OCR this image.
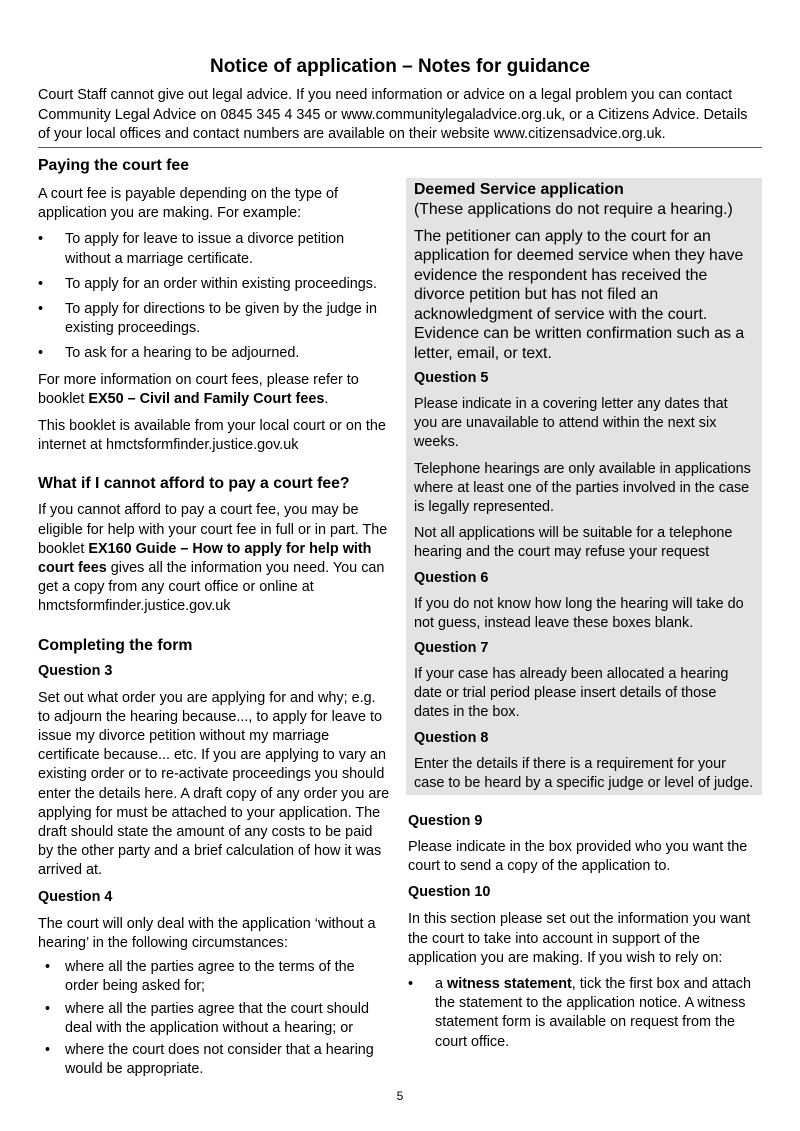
Notice of application – Notes for guidance

Court Staff cannot give out legal advice. If you need information or advice on a legal problem you can contact Community Legal Advice on 0845 345 4 345 or www.communitylegaladvice.org.uk, or a Citizens Advice. Details of your local offices and contact numbers are available on their website www.citizensadvice.org.uk.

Paying the court fee

A court fee is payable depending on the type of application you are making. For example:

• To apply for leave to issue a divorce petition without a marriage certificate.
• To apply for an order within existing proceedings.
• To apply for directions to be given by the judge in existing proceedings.
• To ask for a hearing to be adjourned.

For more information on court fees, please refer to booklet EX50 – Civil and Family Court fees.

This booklet is available from your local court or on the internet at hmctsformfinder.justice.gov.uk

What if I cannot afford to pay a court fee?

If you cannot afford to pay a court fee, you may be eligible for help with your court fee in full or in part. The booklet EX160 Guide – How to apply for help with court fees gives all the information you need. You can get a copy from any court office or online at hmctsformfinder.justice.gov.uk

Completing the form
Question 3

Set out what order you are applying for and why; e.g. to adjourn the hearing because..., to apply for leave to issue my divorce petition without my marriage certificate because... etc. If you are applying to vary an existing order or to re-activate proceedings you should enter the details here. A draft copy of any order you are applying for must be attached to your application. The draft should state the amount of any costs to be paid by the other party and a brief calculation of how it was arrived at.

Question 4

The court will only deal with the application ‘without a hearing’ in the following circumstances:

• where all the parties agree to the terms of the order being asked for;
• where all the parties agree that the court should deal with the application without a hearing; or
• where the court does not consider that a hearing would be appropriate.
Deemed Service application

(These applications do not require a hearing.)

The petitioner can apply to the court for an application for deemed service when they have evidence the respondent has received the divorce petition but has not filed an acknowledgment of service with the court. Evidence can be written confirmation such as a letter, email, or text.

Question 5

Please indicate in a covering letter any dates that you are unavailable to attend within the next six weeks.

Telephone hearings are only available in applications where at least one of the parties involved in the case is legally represented.

Not all applications will be suitable for a telephone hearing and the court may refuse your request

Question 6

If you do not know how long the hearing will take do not guess, instead leave these boxes blank.

Question 7

If your case has already been allocated a hearing date or trial period please insert details of those dates in the box.

Question 8

Enter the details if there is a requirement for your case to be heard by a specific judge or level of judge.

Question 9

Please indicate in the box provided who you want the court to send a copy of the application to.

Question 10

In this section please set out the information you want the court to take into account in support of the application you are making. If you wish to rely on:

• a witness statement, tick the first box and attach the statement to the application notice. A witness statement form is available on request from the court office.
5
